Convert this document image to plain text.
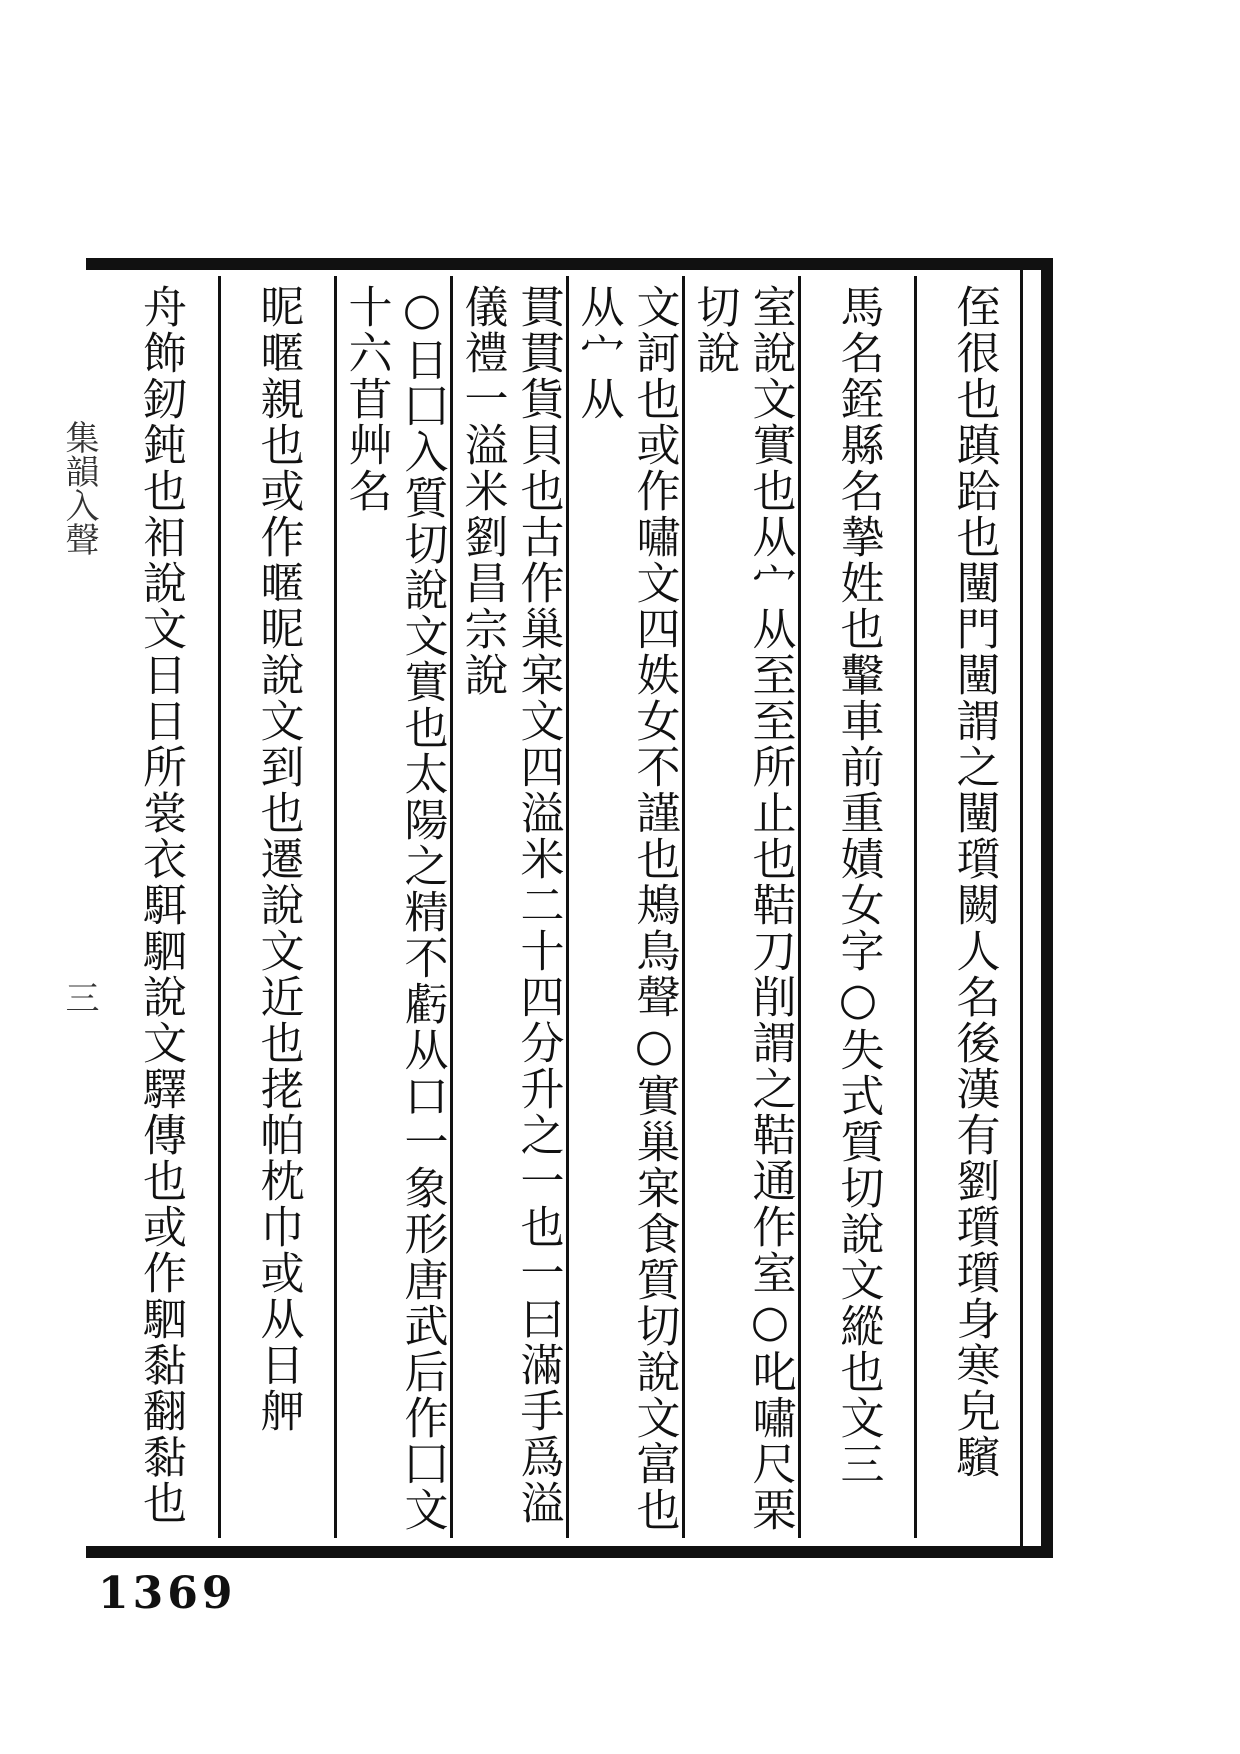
侄很也蹎跲也闉門闉謂之闉瓆闕人名後漢有劉瓆瓆身寒皃驞
馬名銍縣名摯姓也轚車前重嫧女字○失式質切說文縱也文三
室說文實也从宀从至至所止也鞊刀削謂之鞊通作室○叱嘯尺栗切說
文訶也或作嘯文四妷女不謹也鴂鳥聲○實巢宲食質切說文富也从宀从
貫貫貨貝也古作巢宲文四溢米二十四分升之一也一曰滿手爲溢儀禮一溢米劉昌宗說
○日囗入質切說文實也太陽之精不虧从口一象形唐武后作囗文十六苜艸名
昵暱親也或作暱昵說文到也遷說文近也㧯帕枕巾或从日舺
舟飾釰鈍也衵說文日日所裳衣駬駟說文驛傳也或作駟黏翻黏也
集韻入聲
三
1369
